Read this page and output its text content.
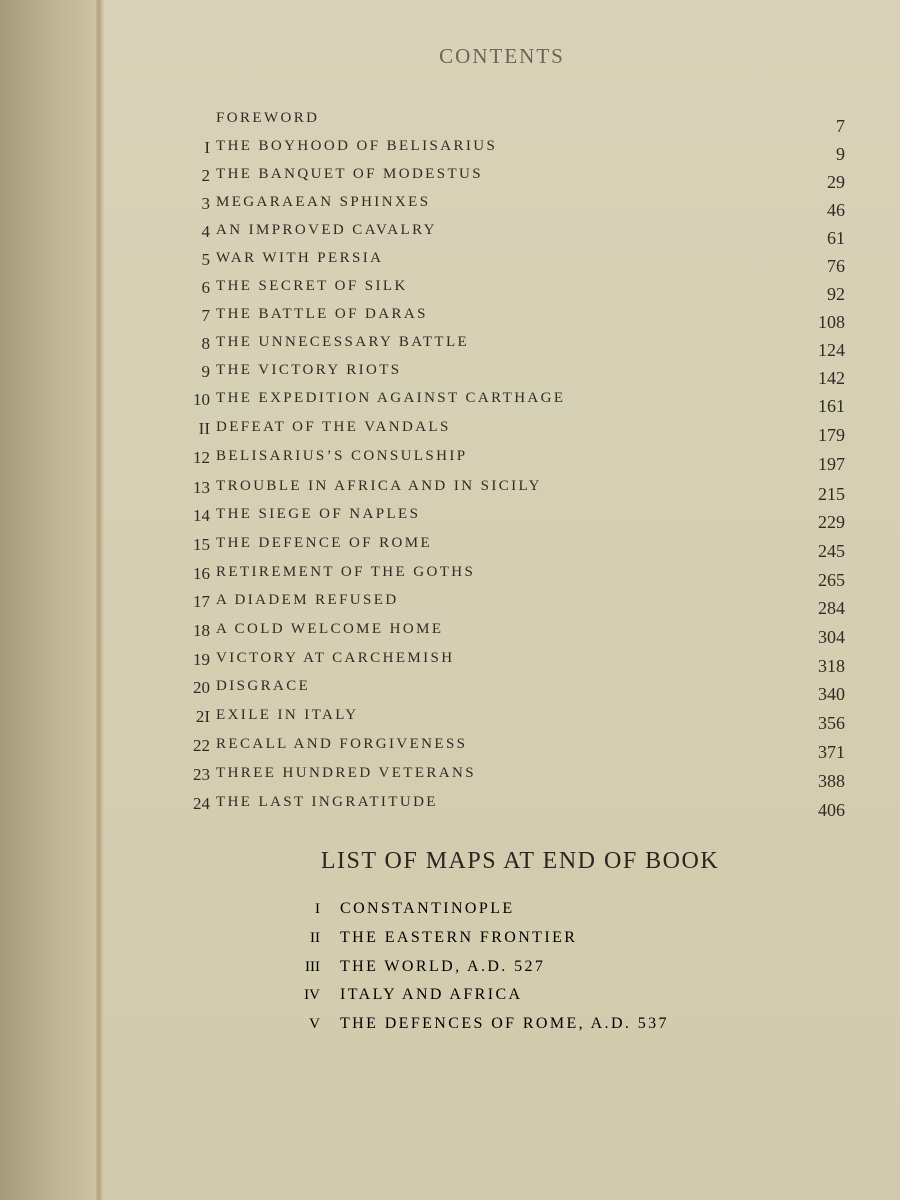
CONTENTS
FOREWORD	7
I THE BOYHOOD OF BELISARIUS	9
2 THE BANQUET OF MODESTUS	29
3 MEGARAEAN SPHINXES	46
4 AN IMPROVED CAVALRY	61
5 WAR WITH PERSIA	76
6 THE SECRET OF SILK	92
7 THE BATTLE OF DARAS	108
8 THE UNNECESSARY BATTLE	124
9 THE VICTORY RIOTS	142
10 THE EXPEDITION AGAINST CARTHAGE	161
II DEFEAT OF THE VANDALS	179
12 BELISARIUS’S CONSULSHIP	197
13 TROUBLE IN AFRICA AND IN SICILY	215
14 THE SIEGE OF NAPLES	229
15 THE DEFENCE OF ROME	245
16 RETIREMENT OF THE GOTHS	265
17 A DIADEM REFUSED	284
18 A COLD WELCOME HOME	304
19 VICTORY AT CARCHEMISH	318
20 DISGRACE	340
2I EXILE IN ITALY	356
22 RECALL AND FORGIVENESS	371
23 THREE HUNDRED VETERANS	388
24 THE LAST INGRATITUDE	406
LIST OF MAPS AT END OF BOOK
I CONSTANTINOPLE
II THE EASTERN FRONTIER
III THE WORLD, A.D. 527
IV ITALY AND AFRICA
V THE DEFENCES OF ROME, A.D. 537
